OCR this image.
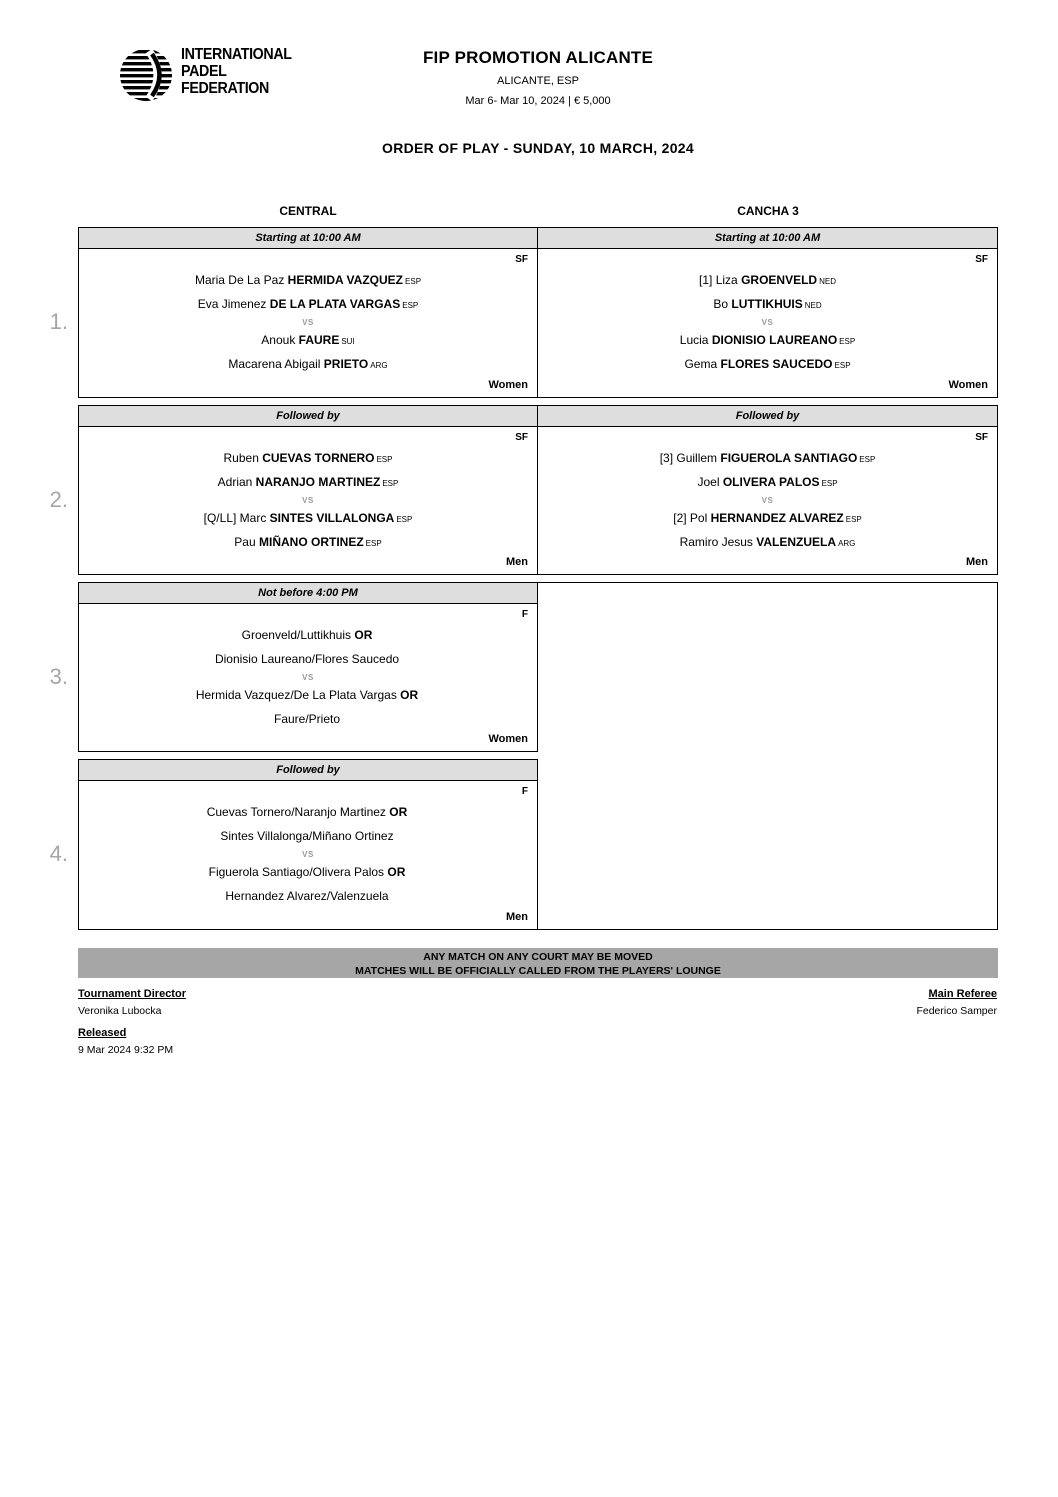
INTERNATIONAL
PADEL
FEDERATION
FIP PROMOTION ALICANTE
ALICANTE, ESP
Mar 6- Mar 10, 2024 | € 5,000
ORDER OF PLAY - SUNDAY, 10 MARCH, 2024
CENTRAL	CANCHA 3
1.
2.
3.
4.
Starting at 10:00 AM
SF
Maria De La Paz HERMIDA VAZQUEZ ESP
Eva Jimenez DE LA PLATA VARGAS ESP
VS
Anouk FAURE SUI
Macarena Abigail PRIETO ARG
Women
Followed by
SF
Ruben CUEVAS TORNERO ESP
Adrian NARANJO MARTINEZ ESP
VS
[Q/LL] Marc SINTES VILLALONGA ESP
Pau MIÑANO ORTINEZ ESP
Men
Not before 4:00 PM
F
Groenveld/Luttikhuis OR
Dionisio Laureano/Flores Saucedo
VS
Hermida Vazquez/De La Plata Vargas OR
Faure/Prieto
Women
Followed by
F
Cuevas Tornero/Naranjo Martinez OR
Sintes Villalonga/Miñano Ortinez
VS
Figuerola Santiago/Olivera Palos OR
Hernandez Alvarez/Valenzuela
Men
Starting at 10:00 AM
SF
[1] Liza GROENVELD NED
Bo LUTTIKHUIS NED
VS
Lucia DIONISIO LAUREANO ESP
Gema FLORES SAUCEDO ESP
Women
Followed by
SF
[3] Guillem FIGUEROLA SANTIAGO ESP
Joel OLIVERA PALOS ESP
VS
[2] Pol HERNANDEZ ALVAREZ ESP
Ramiro Jesus VALENZUELA ARG
Men
ANY MATCH ON ANY COURT MAY BE MOVED
MATCHES WILL BE OFFICIALLY CALLED FROM THE PLAYERS' LOUNGE
Tournament Director
Veronika Lubocka
Released
9 Mar 2024 9:32 PM
Main Referee
Federico Samper
